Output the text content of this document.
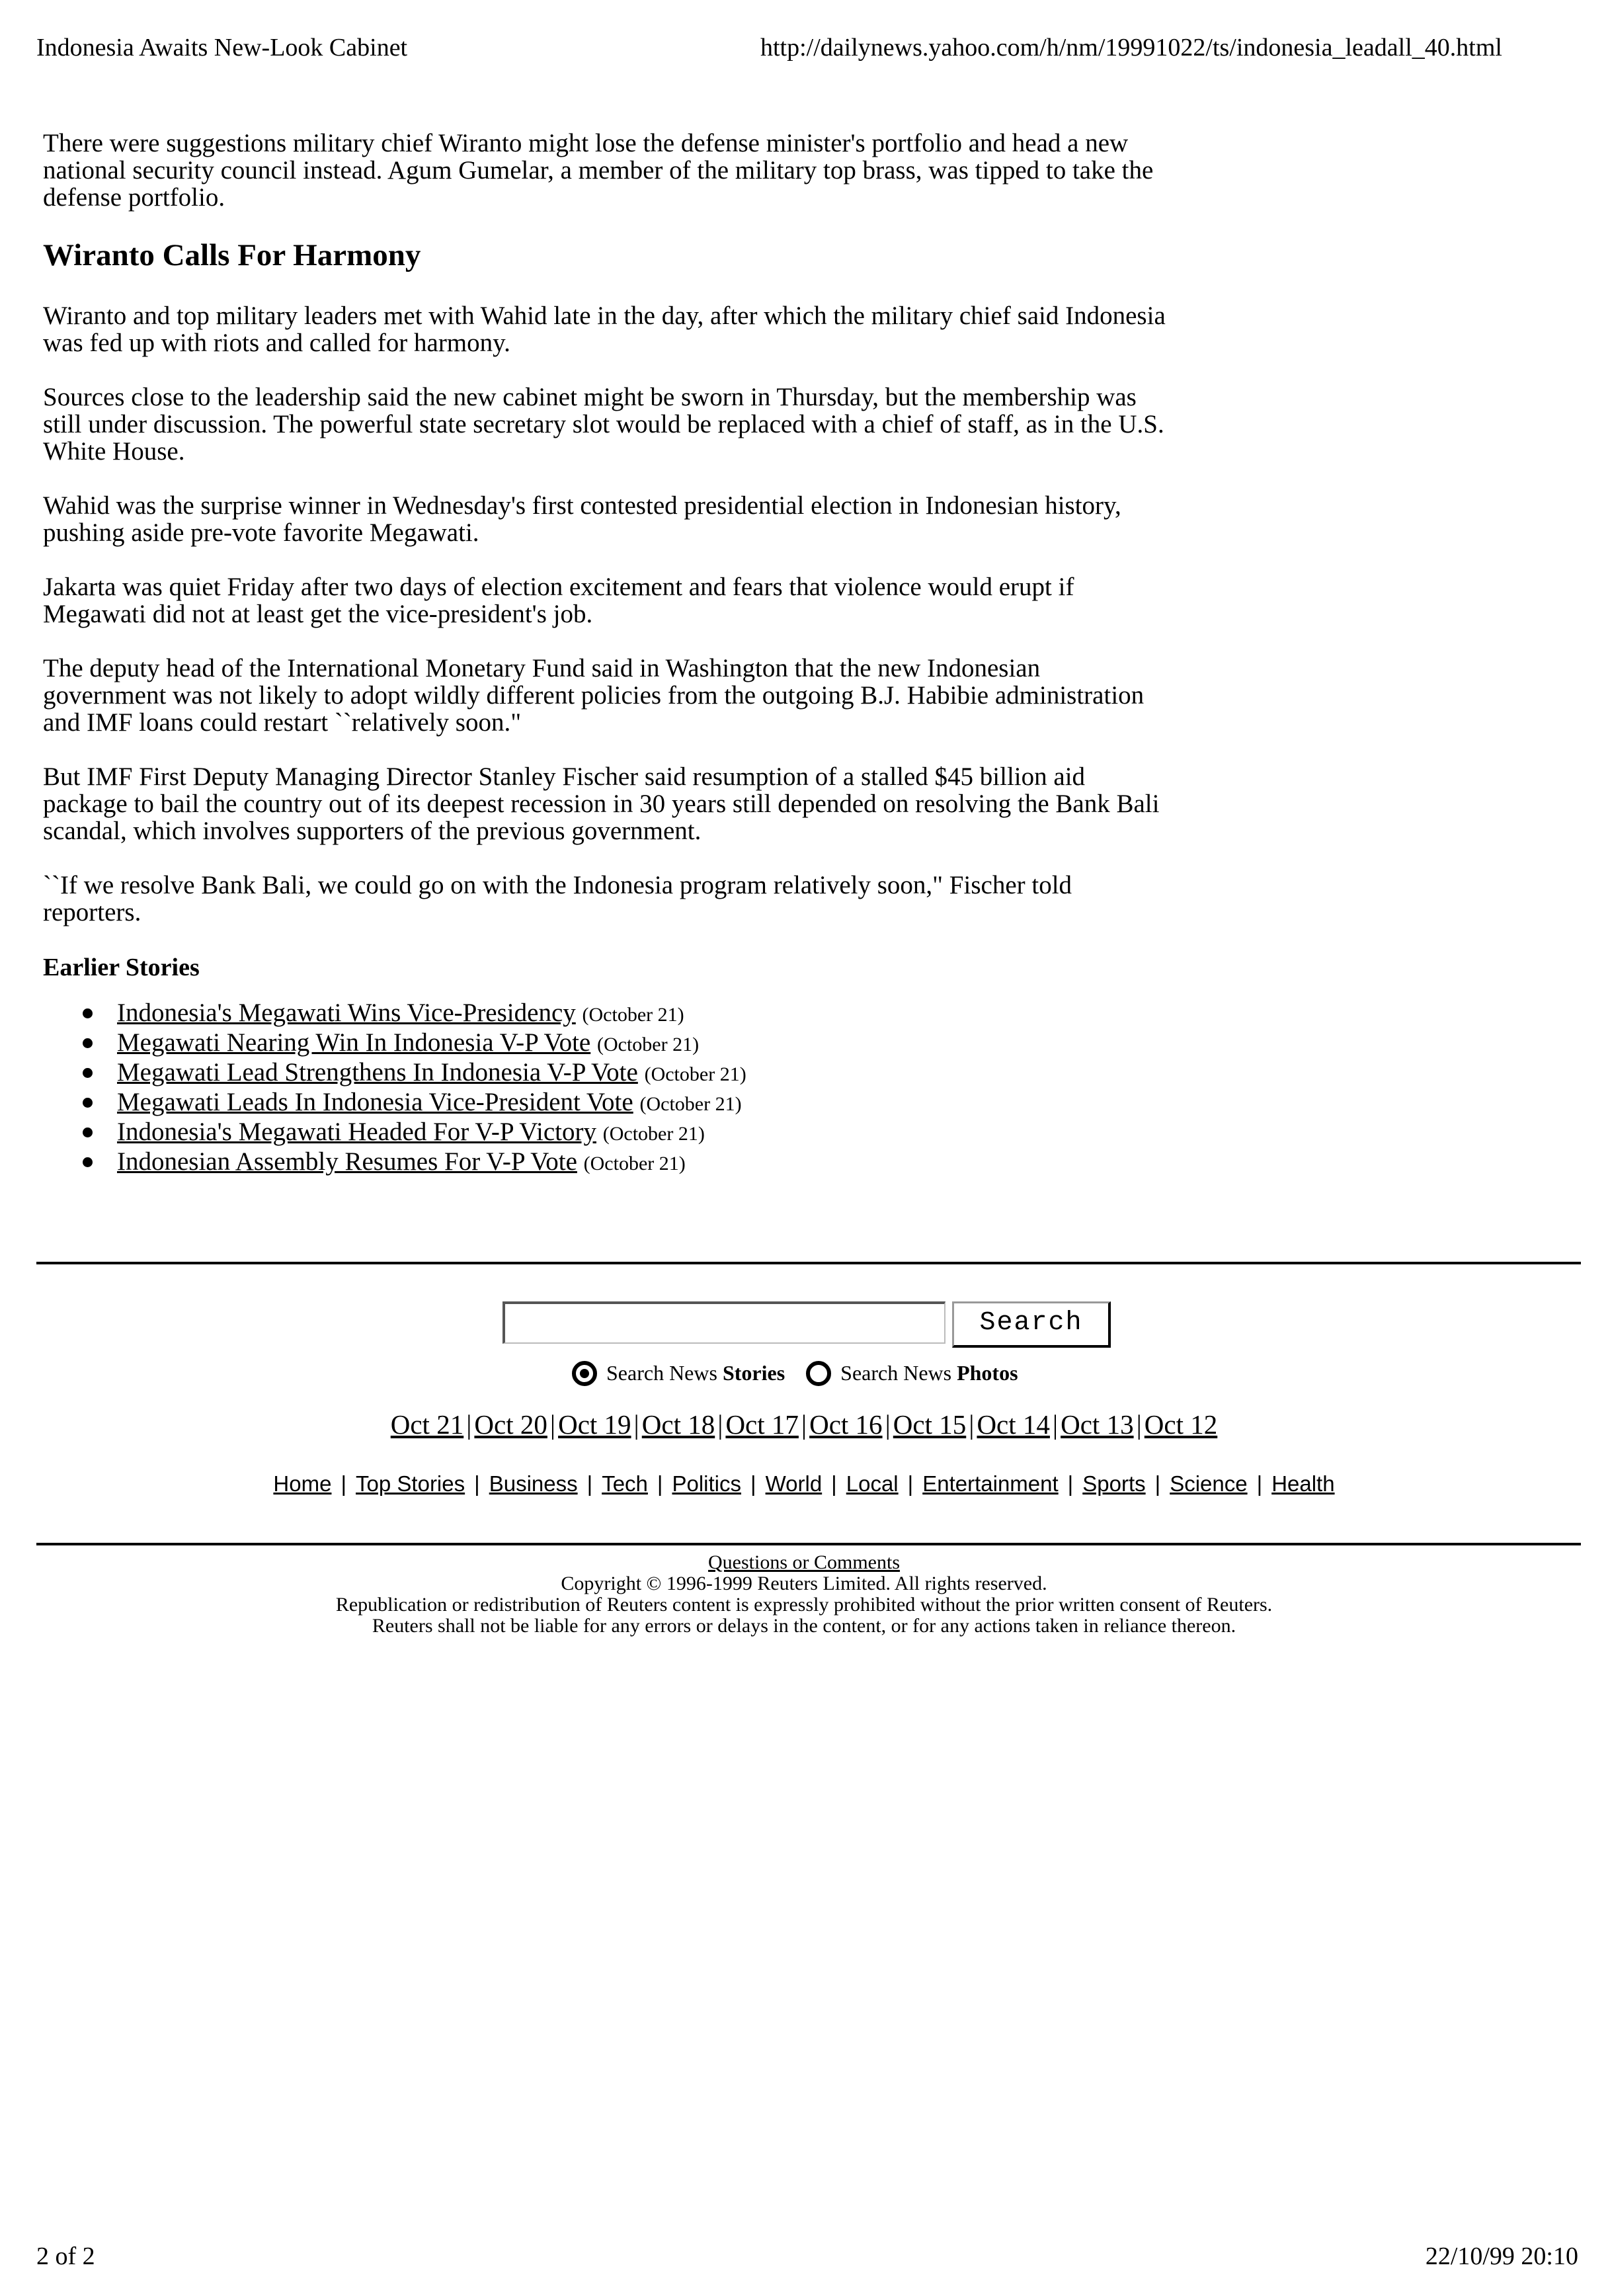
Indonesia Awaits New-Look Cabinet	http://dailynews.yahoo.com/h/nm/19991022/ts/indonesia_leadall_40.html

There were suggestions military chief Wiranto might lose the defense minister's portfolio and head a new national security council instead. Agum Gumelar, a member of the military top brass, was tipped to take the defense portfolio.

Wiranto Calls For Harmony

Wiranto and top military leaders met with Wahid late in the day, after which the military chief said Indonesia was fed up with riots and called for harmony.

Sources close to the leadership said the new cabinet might be sworn in Thursday, but the membership was still under discussion. The powerful state secretary slot would be replaced with a chief of staff, as in the U.S. White House.

Wahid was the surprise winner in Wednesday's first contested presidential election in Indonesian history, pushing aside pre-vote favorite Megawati.

Jakarta was quiet Friday after two days of election excitement and fears that violence would erupt if Megawati did not at least get the vice-president's job.

The deputy head of the International Monetary Fund said in Washington that the new Indonesian government was not likely to adopt wildly different policies from the outgoing B.J. Habibie administration and IMF loans could restart ``relatively soon."

But IMF First Deputy Managing Director Stanley Fischer said resumption of a stalled $45 billion aid package to bail the country out of its deepest recession in 30 years still depended on resolving the Bank Bali scandal, which involves supporters of the previous government.

``If we resolve Bank Bali, we could go on with the Indonesia program relatively soon," Fischer told reporters.

Earlier Stories
Indonesia's Megawati Wins Vice-Presidency (October 21)
Megawati Nearing Win In Indonesia V-P Vote (October 21)
Megawati Lead Strengthens In Indonesia V-P Vote (October 21)
Megawati Leads In Indonesia Vice-President Vote (October 21)
Indonesia's Megawati Headed For V-P Victory (October 21)
Indonesian Assembly Resumes For V-P Vote (October 21)
Search
Search News Stories	Search News Photos
Oct 21|Oct 20|Oct 19|Oct 18|Oct 17|Oct 16|Oct 15|Oct 14|Oct 13|Oct 12
Home | Top Stories | Business | Tech | Politics | World | Local | Entertainment | Sports | Science | Health
Questions or Comments
Copyright © 1996-1999 Reuters Limited. All rights reserved.
Republication or redistribution of Reuters content is expressly prohibited without the prior written consent of Reuters.
Reuters shall not be liable for any errors or delays in the content, or for any actions taken in reliance thereon.
2 of 2	22/10/99 20:10
